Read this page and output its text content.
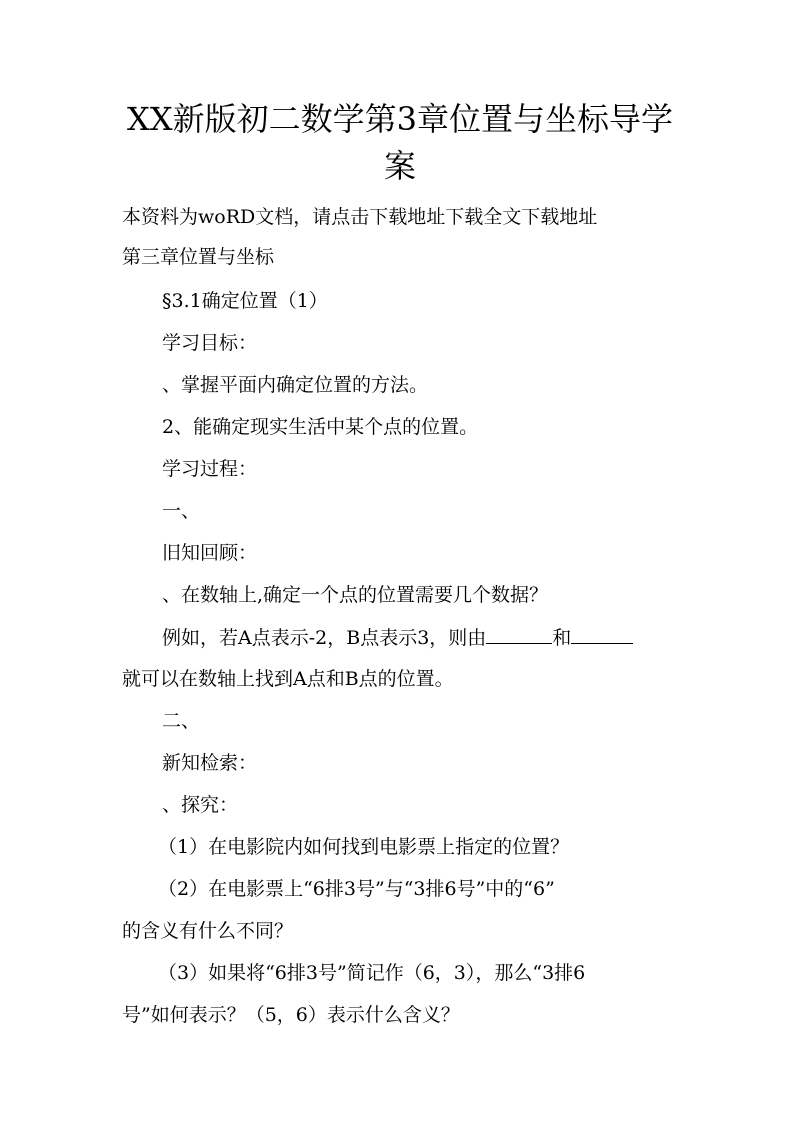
XX新版初二数学第3章位置与坐标导学
案
本资料为woRD文档，请点击下载地址下载全文下载地址
第三章位置与坐标
§3.1确定位置（1）
学习目标：
、掌握平面内确定位置的方法。
2、能确定现实生活中某个点的位置。
学习过程：
一、
旧知回顾：
、在数轴上,确定一个点的位置需要几个数据？
例如，若A点表示-2，B点表示3，则由	和
就可以在数轴上找到A点和B点的位置。
二、
新知检索：
、探究：
（1）在电影院内如何找到电影票上指定的位置？
（2）在电影票上“6排3号”与“3排6号”中的“6”
的含义有什么不同？
（3）如果将“6排3号”简记作（6，3），那么“3排6
号”如何表示？（5，6）表示什么含义？
